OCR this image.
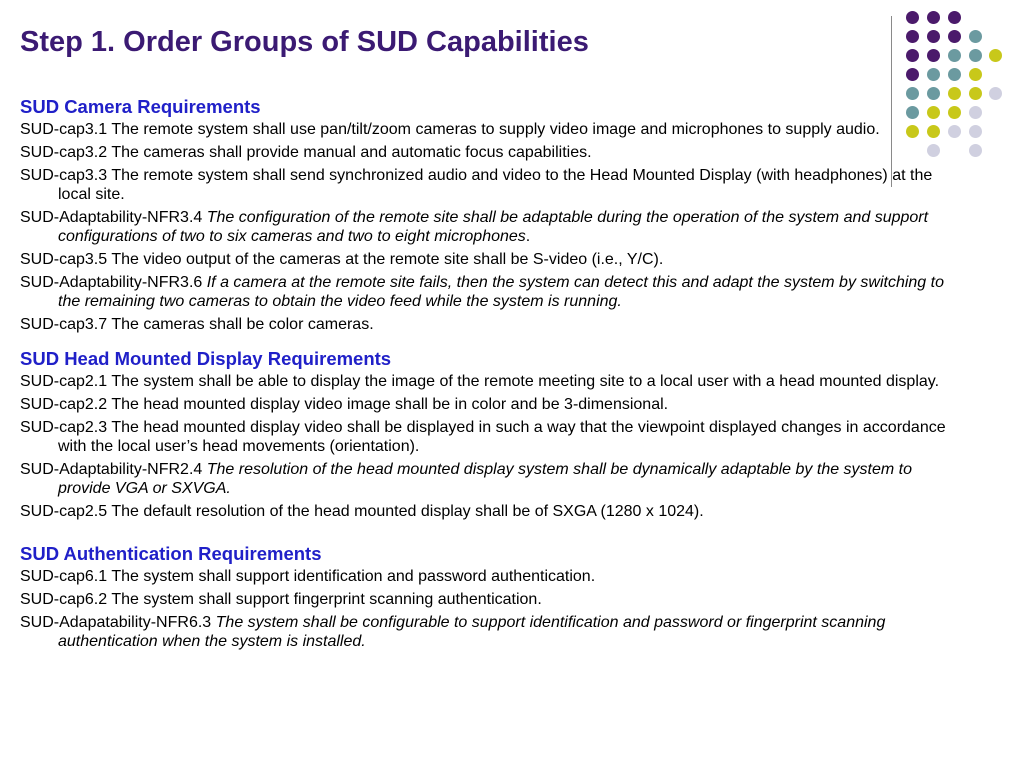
Step 1. Order Groups of SUD Capabilities
SUD Camera Requirements
SUD-cap3.1 The remote system shall use pan/tilt/zoom cameras to supply video image and microphones to supply audio.
SUD-cap3.2 The cameras shall provide manual and automatic focus capabilities.
SUD-cap3.3 The remote system shall send synchronized audio and video to the Head Mounted Display (with headphones) at the local site.
SUD-Adaptability-NFR3.4 The configuration of the remote site shall be adaptable during the operation of the system and support configurations of two to six cameras and two to eight microphones.
SUD-cap3.5 The video output of the cameras at the remote site shall be S-video (i.e., Y/C).
SUD-Adaptability-NFR3.6 If a camera at the remote site fails, then the system can detect this and adapt the system by switching to the remaining two cameras to obtain the video feed while the system is running.
SUD-cap3.7 The cameras shall be color cameras.
SUD Head Mounted Display Requirements
SUD-cap2.1 The system shall be able to display the image of the remote meeting site to a local user with a head mounted display.
SUD-cap2.2 The head mounted display video image shall be in color and be 3-dimensional.
SUD-cap2.3 The head mounted display video shall be displayed in such a way that the viewpoint displayed changes in accordance with the local user’s head movements (orientation).
SUD-Adaptability-NFR2.4 The resolution of the head mounted display system shall be dynamically adaptable by the system to provide VGA or SXVGA.
SUD-cap2.5 The default resolution of the head mounted display shall be of SXGA (1280 x 1024).
SUD Authentication Requirements
SUD-cap6.1 The system shall support identification and password authentication.
SUD-cap6.2 The system shall support fingerprint scanning authentication.
SUD-Adapatability-NFR6.3 The system shall be configurable to support identification and password or fingerprint scanning authentication when the system is installed.
